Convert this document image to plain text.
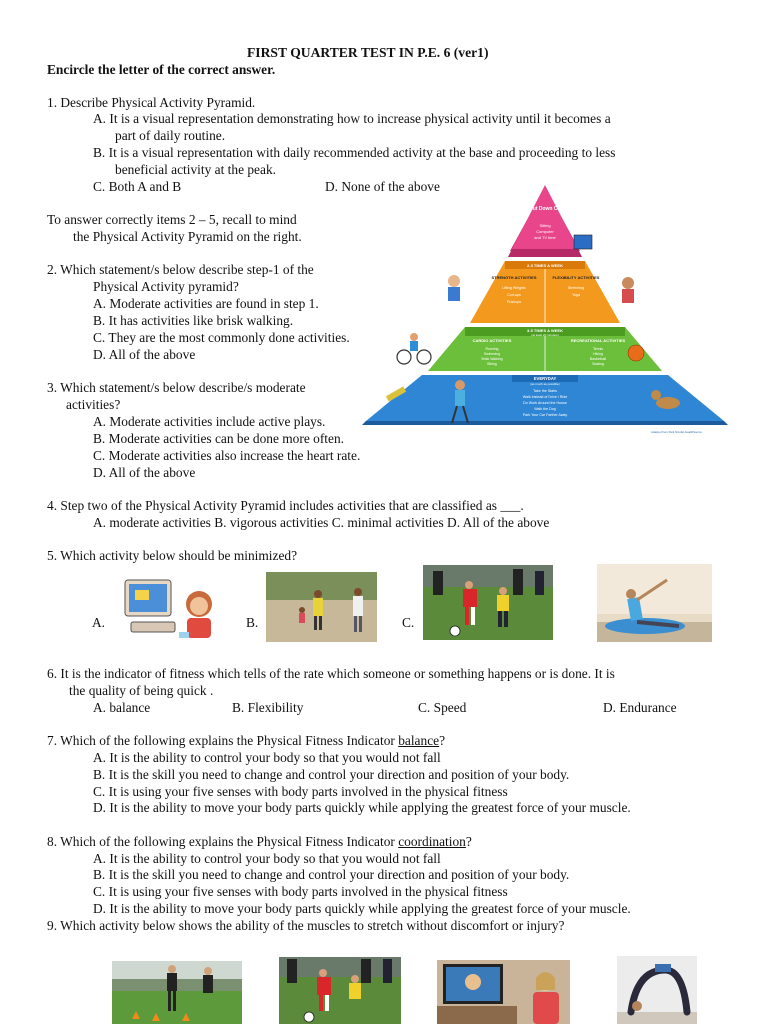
FIRST QUARTER TEST IN P.E. 6 (ver1)
Encircle the letter of the correct answer.
1. Describe Physical Activity Pyramid.
A. It is a visual representation demonstrating how to increase physical activity until it becomes a
part of daily routine.
B. It is a visual representation with daily recommended activity at the base and proceeding to less
beneficial activity at the peak.
C. Both A and B	D. None of the above
To answer correctly items 2 – 5, recall to mind
the Physical Activity Pyramid on the right.
2. Which statement/s below describe step-1 of the
Physical Activity pyramid?
A. Moderate activities are found in step 1.
B. It has activities like brisk walking.
C. They are the most commonly done activities.
D. All of the above
3. Which statement/s below describe/s moderate
activities?
A. Moderate activities include active plays.
B. Moderate activities can be done more often.
C. Moderate activities also increase the heart rate.
D. All of the above
Cut Down On
Sitting
Computer
and TV time
2-3 TIMES A WEEK
STRENGTH ACTIVITIES
Lifting Weights
Curl-ups
Pushups
FLEXIBILITY ACTIVITIES
Stretching
Yoga
3-5 TIMES A WEEK
(at least 20 minutes)
CARDIO ACTIVITIES
Running
Swimming
Brisk Walking
Biking
RECREATIONAL ACTIVITIES
Tennis
Hiking
Basketball
Skating
EVERYDAY
(as much as possible)
Take the Stairs
Walk Instead of Drive / Ride
Do Work Around the House
Walk the Dog
Park Your Car Farther Away
Adapted from Park Nicollet HealthSource
4. Step two of the Physical Activity Pyramid includes activities that are classified as ___.
A. moderate activities B. vigorous activities C. minimal activities D. All of the above
5. Which activity below should be minimized?
A.	B.	C.
6. It is the indicator of fitness which tells of the rate which someone or something happens or is done. It is
the quality of being quick .
A. balance	B. Flexibility	C. Speed	D. Endurance
7. Which of the following explains the Physical Fitness Indicator balance?
A. It is the ability to control your body so that you would not fall
B. It is the skill you need to change and control your direction and position of your body.
C. It is using your five senses with body parts involved in the physical fitness
D. It is the ability to move your body parts quickly while applying the greatest force of your muscle.
8. Which of the following explains the Physical Fitness Indicator coordination?
A. It is the ability to control your body so that you would not fall
B. It is the skill you need to change and control your direction and position of your body.
C. It is using your five senses with body parts involved in the physical fitness
D. It is the ability to move your body parts quickly while applying the greatest force of your muscle.
9. Which activity below shows the ability of the muscles to stretch without discomfort or injury?
